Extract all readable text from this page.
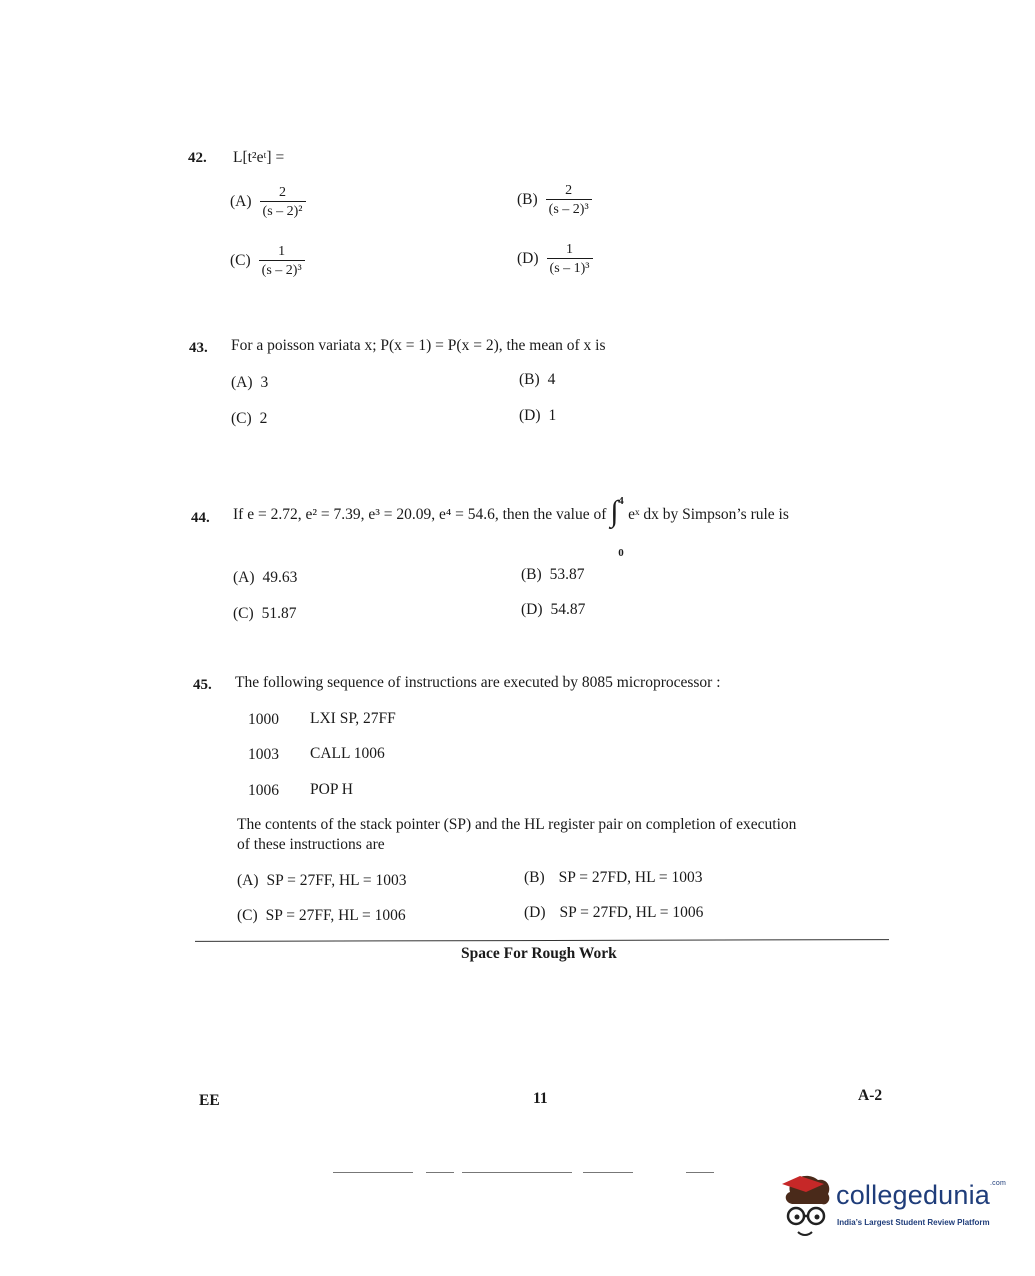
42. L[t²eᵗ] =
$(A) \frac{2}{\text{(s – 2)²}}$	$(B) \frac{2}{\text{(s – 2)³}}$
$(C) \frac{1}{\text{(s – 2)³}}$	$(D) \frac{1}{\text{(s – 1)³}}$
43. For a poisson variata x; P(x = 1) = P(x = 2), the mean of x is
(A) 3	(B) 4
(C) 2	(D) 1
44. If e = 2.72, e² = 7.39, e³ = 20.09, e⁴ = 54.6, then the value of ∫ 4
0
eˣ dx by Simpson’s rule is
(A) 49.63	(B) 53.87
(C) 51.87	(D) 54.87
45. The following sequence of instructions are executed by 8085 microprocessor :
1000 LXI SP, 27FF
1003 CALL 1006
1006 POP H
The contents of the stack pointer (SP) and the HL register pair on completion of execution
of these instructions are
(A) SP = 27FF, HL = 1003	(B) SP = 27FD, HL = 1003
(C) SP = 27FF, HL = 1006	(D) SP = 27FD, HL = 1006
Space For Rough Work
EE	11	A-2
collegedunia$^{.com}$
India’s Largest Student Review Platform
